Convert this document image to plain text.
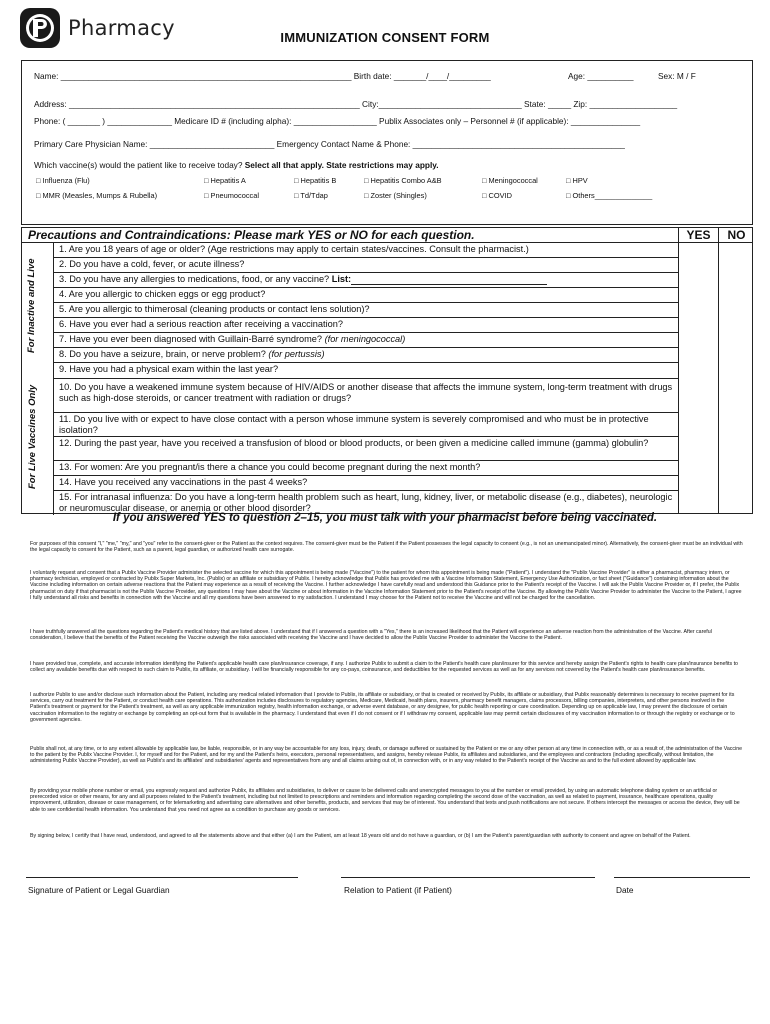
Pharmacy	IMMUNIZATION CONSENT FORM
Name: _______________________________________________________________ Birth date: _______/____/_________	Age: __________	Sex: M / F
Address: _______________________________________________________________ City:_______________________________ State: _____ Zip: ___________________
Phone: ( _______ ) ______________ Medicare ID # (including alpha): __________________ Publix Associates only – Personnel # (if applicable): _______________
Primary Care Physician Name: ___________________________ Emergency Contact Name & Phone: ______________________________________________
Which vaccine(s) would the patient like to receive today? Select all that apply. State restrictions may apply.
□ Influenza (Flu)	□ Hepatitis A	□ Hepatitis B	□ Hepatitis Combo A&B	□ Meningococcal	□ HPV
□ MMR (Measles, Mumps & Rubella)	□ Pneumococcal	□ Td/Tdap	□ Zoster (Shingles)	□ COVID	□ Others______________
YES	NO
Precautions and Contraindications: Please mark YES or NO for each question.
For Inactive and Live
For Live Vaccines Only
1. Are you 18 years of age or older? (Age restrictions may apply to certain states/vaccines. Consult the pharmacist.)
2. Do you have a cold, fever, or acute illness?
3. Do you have any allergies to medications, food, or any vaccine? List:
4. Are you allergic to chicken eggs or egg product?
5. Are you allergic to thimerosal (cleaning products or contact lens solution)?
6. Have you ever had a serious reaction after receiving a vaccination?
7. Have you ever been diagnosed with Guillain-Barré syndrome? (for meningococcal)
8. Do you have a seizure, brain, or nerve problem? (for pertussis)
9. Have you had a physical exam within the last year?
10. Do you have a weakened immune system because of HIV/AIDS or another disease that affects the immune system, long-term treatment with drugs such as high-dose steroids, or cancer treatment with radiation or drugs?
11. Do you live with or expect to have close contact with a person whose immune system is severely compromised and who must be in protective isolation?
12. During the past year, have you received a transfusion of blood or blood products, or been given a medicine called immune (gamma) globulin?
13. For women: Are you pregnant/is there a chance you could become pregnant during the next month?
14. Have you received any vaccinations in the past 4 weeks?
15. For intranasal influenza: Do you have a long-term health problem such as heart, lung, kidney, liver, or metabolic disease (e.g., diabetes), neurologic or neuromuscular disease, or anemia or other blood disorder?
If you answered YES to question 2–15, you must talk with your pharmacist before being vaccinated.
For purposes of this consent "I," "me," "my," and "you" refer to the consent-giver or the Patient as the context requires. The consent-giver must be the Patient if the Patient possesses the legal capacity to consent (e.g., is not an unemancipated minor). Alternatively, the consent-giver must be an individual with the legal capacity to consent for the Patient, such as a parent, legal guardian, or authorized health care surrogate.
I voluntarily request and consent that a Publix Vaccine Provider administer the selected vaccine for which this appointment is being made ("Vaccine") to the patient for whom this appointment is being made ("Patient"). I understand the "Publix Vaccine Provider" is either a pharmacist, pharmacy intern, or pharmacy technician, employed or contracted by Publix Super Markets, Inc. (Publix) or an affiliate or subsidiary of Publix. I hereby acknowledge that Publix has provided me with a Vaccine Information Statement, Emergency Use Authorization, or fact sheet ("Guidance") containing information about the Vaccine including information on certain adverse reactions that the Patient may experience as a result of receiving the Vaccine. I further acknowledge I have carefully read and understood this Guidance prior to the Patient's receipt of the Vaccine. I will ask the Publix Vaccine Provider or, if I prefer, the Publix pharmacist on duty if that pharmacist is not the Publix Vaccine Provider, any questions I may have about the Vaccine or about information in the Vaccine Information Statement prior to the Patient's receipt of the Vaccine. By allowing the Publix Vaccine Provider to administer the Vaccine to the Patient, I agree I fully understand all risks and benefits in connection with the Vaccine and all my questions have been answered to my satisfaction. I understand I may choose for the Patient not to receive the Vaccine and will not be charged for the cancellation.
I have truthfully answered all the questions regarding the Patient's medical history that are listed above. I understand that if I answered a question with a "Yes," there is an increased likelihood that the Patient will experience an adverse reaction from the administration of the Vaccine. After careful consideration, I believe that the benefits of the Patient receiving the Vaccine outweigh the risks associated with receiving the Vaccine and I have decided to allow the Publix Vaccine Provider to administer the Vaccine to the Patient.
I have provided true, complete, and accurate information identifying the Patient's applicable health care plan/insurance coverage, if any. I authorize Publix to submit a claim to the Patient's health care plan/insurer for this service and hereby assign the Patient's rights to health care plan/insurance benefits to collect any available benefits due with respect to such claim to Publix, its affiliate, or subsidiary. I will be financially responsible for any co-pays, coinsurance, and deductibles for the requested services as well as for any services not covered by the Patient's health care plan/insurance benefits.
I authorize Publix to use and/or disclose such information about the Patient, including any medical related information that I provide to Publix, its affiliate or subsidiary, or that is created or received by Publix, its affiliate or subsidiary, that Publix reasonably determines is necessary to receive payment for its services, carry out treatment for the Patient, or conduct health care operations. This authorization includes disclosures to regulatory agencies, Medicare, Medicaid, health plans, insurers, pharmacy benefit managers, claims processors, billing companies, interpreters, and other persons involved in the Patient's treatment or payment for the Patient's treatment, as well as any applicable immunization registry, health information exchange, or adverse event database, or any designee, for public health reporting or care coordination. Depending up on applicable law, I may prevent the disclosure of certain vaccination information to the registry or exchange by completing an opt-out form that is available in the pharmacy. I understand that even if I do not consent or if I withdraw my consent, applicable law may permit certain disclosures of my vaccination information to or through the registry or exchange or to government agencies.
Publix shall not, at any time, or to any extent allowable by applicable law, be liable, responsible, or in any way be accountable for any loss, injury, death, or damage suffered or sustained by the Patient or me or any other person at any time in connection with, or as a result of, the administration of the Vaccine to the patient by the Publix Vaccine Provider. I, for myself and for the Patient, and for my and the Patient's heirs, executors, personal representatives, and assigns, hereby release Publix, its affiliates and subsidiaries, and the employees and contractors (including specifically, without limitation, the administering Publix Vaccine Provider), as well as Publix's and its affiliates' and subsidiaries' agents and representatives from any and all claims arising out of, in connection with, or in any way related to the Patient's receipt of the Vaccine as and to the full extent allowed by applicable law.
By providing your mobile phone number or email, you expressly request and authorize Publix, its affiliates and subsidiaries, to deliver or cause to be delivered calls and unencrypted messages to you at the number or email provided, by using an automatic telephone dialing system or an artificial or prerecorded voice or other means, for any and all purposes related to the Patient's treatment, including but not limited to prescriptions and reminders and information regarding completing the second dose of the vaccination, as well as related to payment, insurance, healthcare operations, quality improvement, utilization, disease or case management, or for telemarketing and advertising care alternatives and other benefits, products, and services that may be of interest. You understand that texts and push notifications are not secure. If others intercept the messages or access the device, they will be able to see confidential health information. You understand that you need not agree as a condition to purchase any goods or services.
By signing below, I certify that I have read, understood, and agreed to all the statements above and that either (a) I am the Patient, am at least 18 years old and do not have a guardian, or (b) I am the Patient's parent/guardian with authority to consent and agree on behalf of the Patient.
Signature of Patient or Legal Guardian	Relation to Patient (if Patient)	Date
